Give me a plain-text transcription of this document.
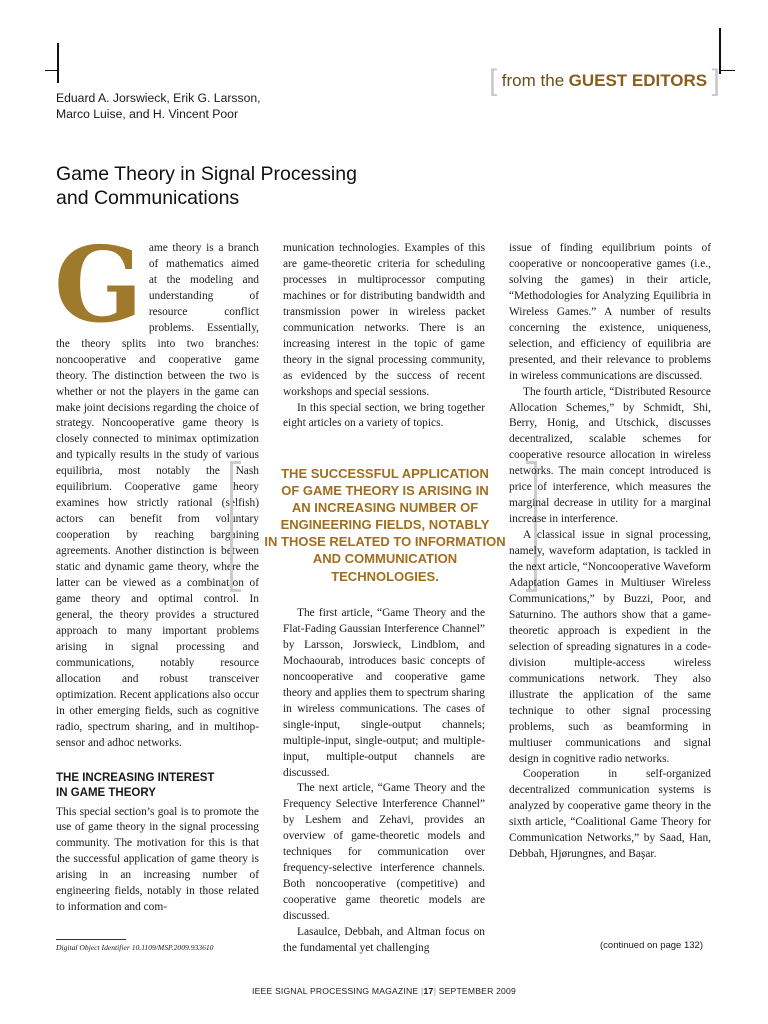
[ from the GUEST EDITORS ]
Eduard A. Jorswieck, Erik G. Larsson,
Marco Luise, and H. Vincent Poor
Game Theory in Signal Processing
and Communications

Game theory is a branch of mathematics aimed at the modeling and understanding of resource conflict problems. Essentially, the theory splits into two branches: noncooperative and cooperative game theory. The distinction between the two is whether or not the players in the game can make joint decisions regarding the choice of strategy. Noncooperative game theory is closely connected to minimax optimization and typically results in the study of various equilibria, most notably the Nash equilibrium. Cooperative game theory examines how strictly rational (selfish) actors can benefit from voluntary cooperation by reaching bargaining agreements. Another distinction is between static and dynamic game theory, where the latter can be viewed as a combination of game theory and optimal control. In general, the theory provides a structured approach to many important problems arising in signal processing and communications, notably resource allocation and robust transceiver optimization. Recent applications also occur in other emerging fields, such as cognitive radio, spectrum sharing, and in multihop-sensor and adhoc networks.

THE INCREASING INTEREST
IN GAME THEORY

This special section’s goal is to promote the use of game theory in the signal processing community. The motivation for this is that the successful application of game theory is arising in an increasing number of engineering fields, notably in those related to information and com-

Digital Object Identifier 10.1109/MSP.2009.933610

munication technologies. Examples of this are game-theoretic criteria for scheduling processes in multiprocessor computing machines or for distributing bandwidth and transmission power in wireless packet communication networks. There is an increasing interest in the topic of game theory in the signal processing community, as evidenced by the success of recent workshops and special sessions.

In this special section, we bring together eight articles on a variety of topics.

THE SUCCESSFUL APPLICATION
OF GAME THEORY IS ARISING IN
AN INCREASING NUMBER OF
ENGINEERING FIELDS, NOTABLY
IN THOSE RELATED TO INFORMATION
AND COMMUNICATION
TECHNOLOGIES.

The first article, “Game Theory and the Flat-Fading Gaussian Interference Channel” by Larsson, Jorswieck, Lindblom, and Mochaourab, introduces basic concepts of noncooperative and cooperative game theory and applies them to spectrum sharing in wireless communications. The cases of single-input, single-output channels; multiple-input, single-output; and multiple-input, multiple-output channels are discussed.

The next article, “Game Theory and the Frequency Selective Interference Channel” by Leshem and Zehavi, provides an overview of game-theoretic models and techniques for communication over frequency-selective interference channels. Both noncooperative (competitive) and cooperative game theoretic models are discussed.

Lasaulce, Debbah, and Altman focus on the fundamental yet challenging

issue of finding equilibrium points of cooperative or noncooperative games (i.e., solving the games) in their article, “Methodologies for Analyzing Equilibria in Wireless Games.” A number of results concerning the existence, uniqueness, selection, and efficiency of equilibria are presented, and their relevance to problems in wireless communications are discussed.

The fourth article, “Distributed Resource Allocation Schemes,” by Schmidt, Shi, Berry, Honig, and Utschick, discusses decentralized, scalable schemes for cooperative resource allocation in wireless networks. The main concept introduced is price of interference, which measures the marginal decrease in utility for a marginal increase in interference.

A classical issue in signal processing, namely, waveform adaptation, is tackled in the next article, “Noncooperative Waveform Adaptation Games in Multiuser Wireless Communications,” by Buzzi, Poor, and Saturnino. The authors show that a game-theoretic approach is expedient in the selection of spreading signatures in a code-division multiple-access wireless communications network. They also illustrate the application of the same technique to other signal processing problems, such as beamforming in multiuser communications and signal design in cognitive radio networks.

Cooperation in self-organized decentralized communication systems is analyzed by cooperative game theory in the sixth article, “Coalitional Game Theory for Communication Networks,” by Saad, Han, Debbah, Hjørungnes, and Başar.

(continued on page 132)
IEEE SIGNAL PROCESSING MAGAZINE [17] SEPTEMBER 2009
